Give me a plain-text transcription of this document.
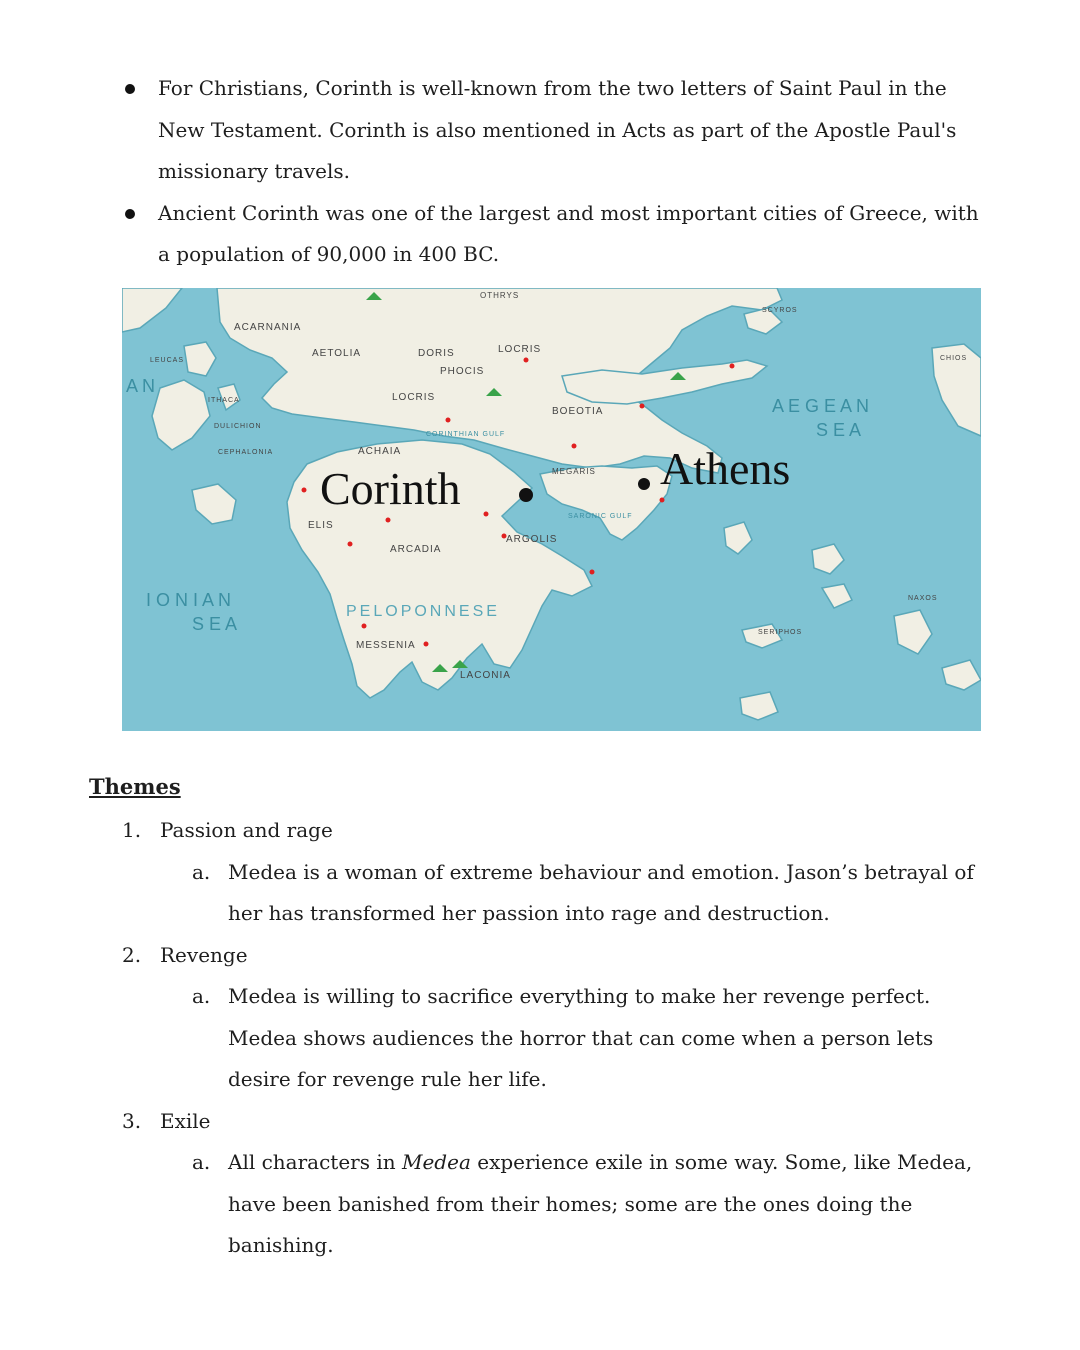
For Christians, Corinth is well-known from the two letters of Saint Paul in the New Testament. Corinth is also mentioned in Acts as part of the Apostle Paul's missionary travels.
Ancient Corinth was one of the largest and most important cities of Greece, with a population of 90,000 in 400 BC.
ACARNANIA
AETOLIA	DORIS
PHOCIS
LOCRIS
LOCRIS
BOEOTIA
ACHAIA
ELIS
ARCADIA
ARGOLIS
MESSENIA
LACONIA
MEGARIS
OTHRYS
CEPHALONIA
LEUCAS
ITHACA
DULICHION
CORINTHIAN GULF
SARONIC GULF
SCYROS
CHIOS
NAXOS
SERIPHOS
PELOPONNESE
A E G E A N
S E A
I O N I A N
S E A
A N
Corinth	Athens
Themes
1. Passion and rage
a. Medea is a woman of extreme behaviour and emotion. Jason’s betrayal of her has transformed her passion into rage and destruction.
2. Revenge
a. Medea is willing to sacrifice everything to make her revenge perfect. Medea shows audiences the horror that can come when a person lets desire for revenge rule her life.
3. Exile
a. All characters in Medea experience exile in some way. Some, like Medea, have been banished from their homes; some are the ones doing the banishing.
